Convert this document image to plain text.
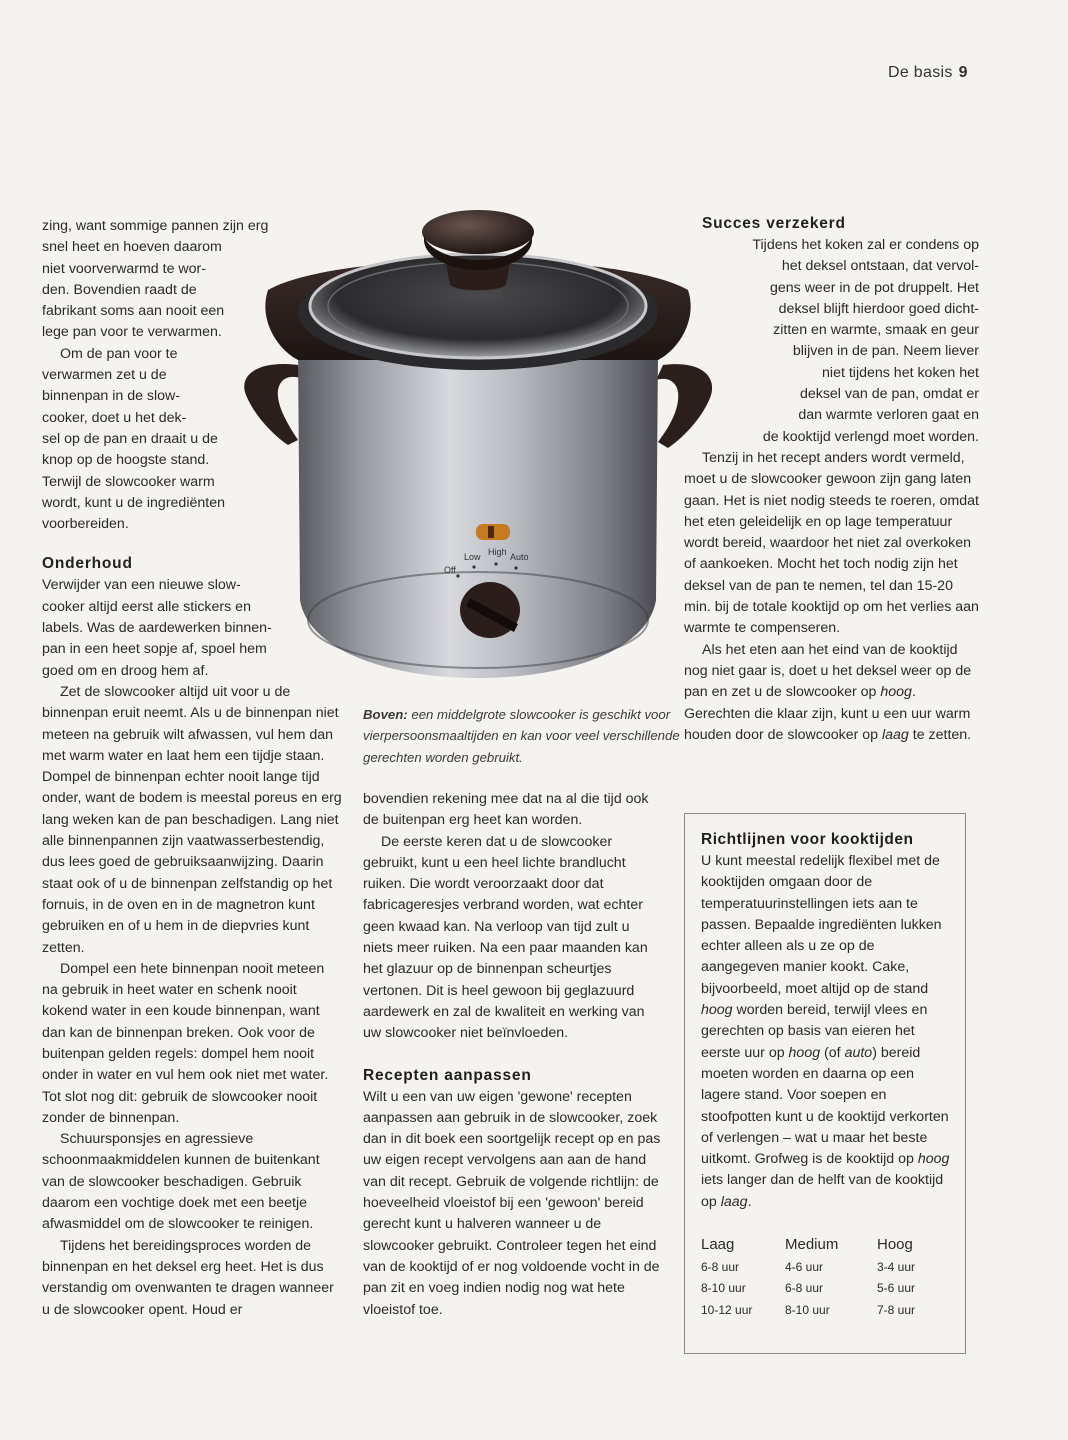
De basis 9
Off
Low High Auto
zing, want sommige pannen zijn erg
snel heet en hoeven daarom
niet voorverwarmd te wor-
den. Bovendien raadt de
fabrikant soms aan nooit een
lege pan voor te verwarmen.
Om de pan voor te
verwarmen zet u de
binnenpan in de slow-
cooker, doet u het dek-
sel op de pan en draait u de
knop op de hoogste stand.
Terwijl de slowcooker warm
wordt, kunt u de ingrediënten
voorbereiden.
Onderhoud
Verwijder van een nieuwe slow-
cooker altijd eerst alle stickers en
labels. Was de aardewerken binnen-
pan in een heet sopje af, spoel hem
goed om en droog hem af.

Zet de slowcooker altijd uit voor u de binnenpan eruit neemt. Als u de binnenpan niet meteen na gebruik wilt afwassen, vul hem dan met warm water en laat hem een tijdje staan. Dompel de binnenpan echter nooit lange tijd onder, want de bodem is meestal poreus en erg lang weken kan de pan beschadigen. Lang niet alle binnenpannen zijn vaatwasserbestendig, dus lees goed de gebruiksaanwijzing. Daarin staat ook of u de binnenpan zelfstandig op het fornuis, in de oven en in de magnetron kunt gebruiken en of u hem in de diepvries kunt zetten.

Dompel een hete binnenpan nooit meteen na gebruik in heet water en schenk nooit kokend water in een koude binnenpan, want dan kan de binnenpan breken. Ook voor de buitenpan gelden regels: dompel hem nooit onder in water en vul hem ook niet met water. Tot slot nog dit: gebruik de slowcooker nooit zonder de binnenpan.

Schuursponsjes en agressieve schoonmaakmiddelen kunnen de buitenkant van de slowcooker beschadigen. Gebruik daarom een vochtige doek met een beetje afwasmiddel om de slowcooker te reinigen.

Tijdens het bereidingsproces worden de binnenpan en het deksel erg heet. Het is dus verstandig om ovenwanten te dragen wanneer u de slowcooker opent. Houd er

Boven: een middelgrote slowcooker is geschikt voor vierpersoonsmaaltijden en kan voor veel verschillende gerechten worden gebruikt.

bovendien rekening mee dat na al die tijd ook de buitenpan erg heet kan worden.

De eerste keren dat u de slowcooker gebruikt, kunt u een heel lichte brandlucht ruiken. Die wordt veroorzaakt door dat fabricageresjes verbrand worden, wat echter geen kwaad kan. Na verloop van tijd zult u niets meer ruiken. Na een paar maanden kan het glazuur op de binnenpan scheurtjes vertonen. Dit is heel gewoon bij geglazuurd aardewerk en zal de kwaliteit en werking van uw slowcooker niet beïnvloeden.

Recepten aanpassen

Wilt u een van uw eigen 'gewone' recepten aanpassen aan gebruik in de slowcooker, zoek dan in dit boek een soortgelijk recept op en pas uw eigen recept vervolgens aan aan de hand van dit recept. Gebruik de volgende richtlijn: de hoeveelheid vloeistof bij een 'gewoon' bereid gerecht kunt u halveren wanneer u de slowcooker gebruikt. Controleer tegen het eind van de kooktijd of er nog voldoende vocht in de pan zit en voeg indien nodig nog wat hete vloeistof toe.

Succes verzekerd
Tijdens het koken zal er condens op
het deksel ontstaan, dat vervol-
gens weer in de pot druppelt. Het
deksel blijft hierdoor goed dicht-
zitten en warmte, smaak en geur
blijven in de pan. Neem liever
niet tijdens het koken het
deksel van de pan, omdat er
dan warmte verloren gaat en
de kooktijd verlengd moet worden.

Tenzij in het recept anders wordt vermeld, moet u de slowcooker gewoon zijn gang laten gaan. Het is niet nodig steeds te roeren, omdat het eten geleidelijk en op lage temperatuur wordt bereid, waardoor het niet zal overkoken of aankoeken. Mocht het toch nodig zijn het deksel van de pan te nemen, tel dan 15-20 min. bij de totale kooktijd op om het verlies aan warmte te compenseren.

Als het eten aan het eind van de kooktijd nog niet gaar is, doet u het deksel weer op de pan en zet u de slowcooker op hoog. Gerechten die klaar zijn, kunt u een uur warm houden door de slowcooker op laag te zetten.

Richtlijnen voor kooktijden

U kunt meestal redelijk flexibel met de kooktijden omgaan door de temperatuurinstellingen iets aan te passen. Bepaalde ingrediënten lukken echter alleen als u ze op de aangegeven manier kookt. Cake, bijvoorbeeld, moet altijd op de stand hoog worden bereid, terwijl vlees en gerechten op basis van eieren het eerste uur op hoog (of auto) bereid moeten worden en daarna op een lagere stand. Voor soepen en stoofpotten kunt u de kooktijd verkorten of verlengen – wat u maar het beste uitkomt. Grofweg is de kooktijd op hoog iets langer dan de helft van de kooktijd op laag.

Laag	Medium	Hoog
6-8 uur	4-6 uur	3-4 uur
8-10 uur	6-8 uur	5-6 uur
10-12 uur	8-10 uur	7-8 uur
